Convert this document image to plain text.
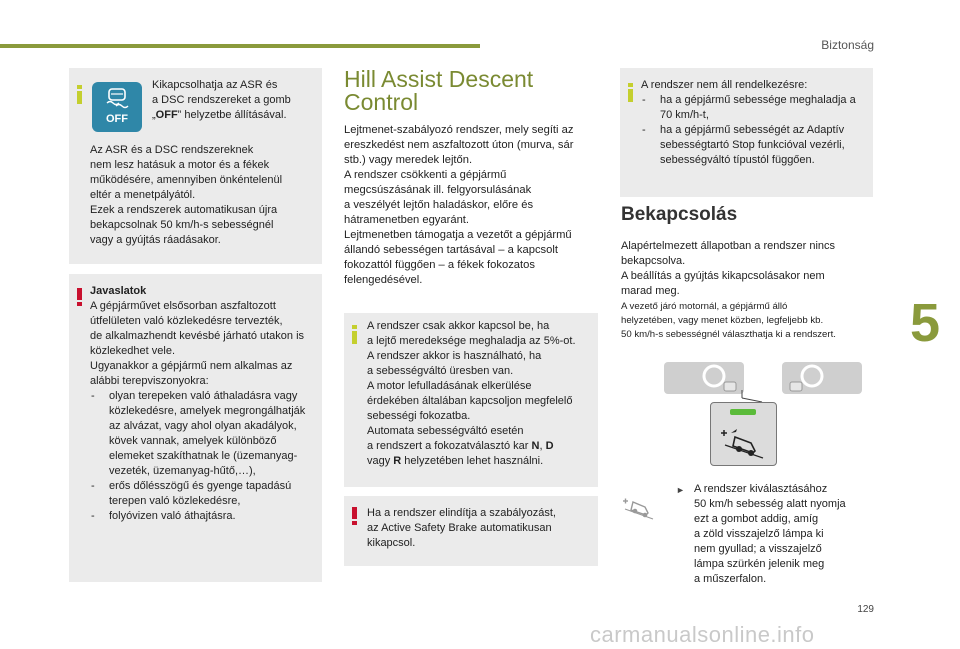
Biztonság
5
129
carmanualsonline.info
Kikapcsolhatja az ASR és
a DSC rendszereket a gomb
„OFF” helyzetbe állításával.
Az ASR és a DSC rendszereknek
nem lesz hatásuk a motor és a fékek
működésére, amennyiben önkéntelenül
eltér a menetpályától.
Ezek a rendszerek automatikusan újra
bekapcsolnak 50 km/h-s sebességnél
vagy a gyújtás ráadásakor.
OFF
Javaslatok
A gépjárművet elsősorban aszfaltozott
útfelületen való közlekedésre tervezték,
de alkalmazhendt kevésbé járható utakon is
közlekedhet vele.
Ugyanakkor a gépjármű nem alkalmas az
alábbi terepviszonyokra:
- olyan terepeken való áthaladásra vagy közlekedésre, amelyek megrongálhatják az alvázat, vagy ahol olyan akadályok, kövek vannak, amelyek különböző elemeket szakíthatnak le (üzemanyag-vezeték, üzemanyag-hűtő,…),
- erős dőlésszögű és gyenge tapadású terepen való közlekedésre,
- folyóvizen való áthajtásra.
Hill Assist Descent
Control
Lejtmenet-szabályozó rendszer, mely segíti az
ereszkedést nem aszfaltozott úton (murva, sár
stb.) vagy meredek lejtőn.
A rendszer csökkenti a gépjármű
megcsúszásának ill. felgyorsulásának
a veszélyét lejtőn haladáskor, előre és
hátramenetben egyaránt.
Lejtmenetben támogatja a vezetőt a gépjármű
állandó sebességen tartásával – a kapcsolt
fokozattól függően – a fékek fokozatos
felengedésével.
A rendszer csak akkor kapcsol be, ha
a lejtő meredeksége meghaladja az 5%-ot.
A rendszer akkor is használható, ha
a sebességváltó üresben van.
A motor lefulladásának elkerülése
érdekében általában kapcsoljon megfelelő
sebességi fokozatba.
Automata sebességváltó esetén
a rendszert a fokozatválasztó kar N, D
vagy R helyzetében lehet használni.
Ha a rendszer elindítja a szabályozást,
az Active Safety Brake automatikusan
kikapcsol.
A rendszer nem áll rendelkezésre:
- ha a gépjármű sebessége meghaladja a 70 km/h-t,
- ha a gépjármű sebességét az Adaptív sebességtartó Stop funkcióval vezérli, sebességváltó típustól függően.
Bekapcsolás
Alapértelmezett állapotban a rendszer nincs
bekapcsolva.
A beállítás a gyújtás kikapcsolásakor nem
marad meg.
A vezető járó motornál, a gépjármű álló
helyzetében, vagy menet közben, legfeljebb kb.
50 km/h-s sebességnél választhatja ki a rendszert.
► A rendszer kiválasztásához
50 km/h sebesség alatt nyomja
ezt a gombot addig, amíg
a zöld visszajelző lámpa ki
nem gyullad; a visszajelző
lámpa szürkén jelenik meg
a műszerfalon.
